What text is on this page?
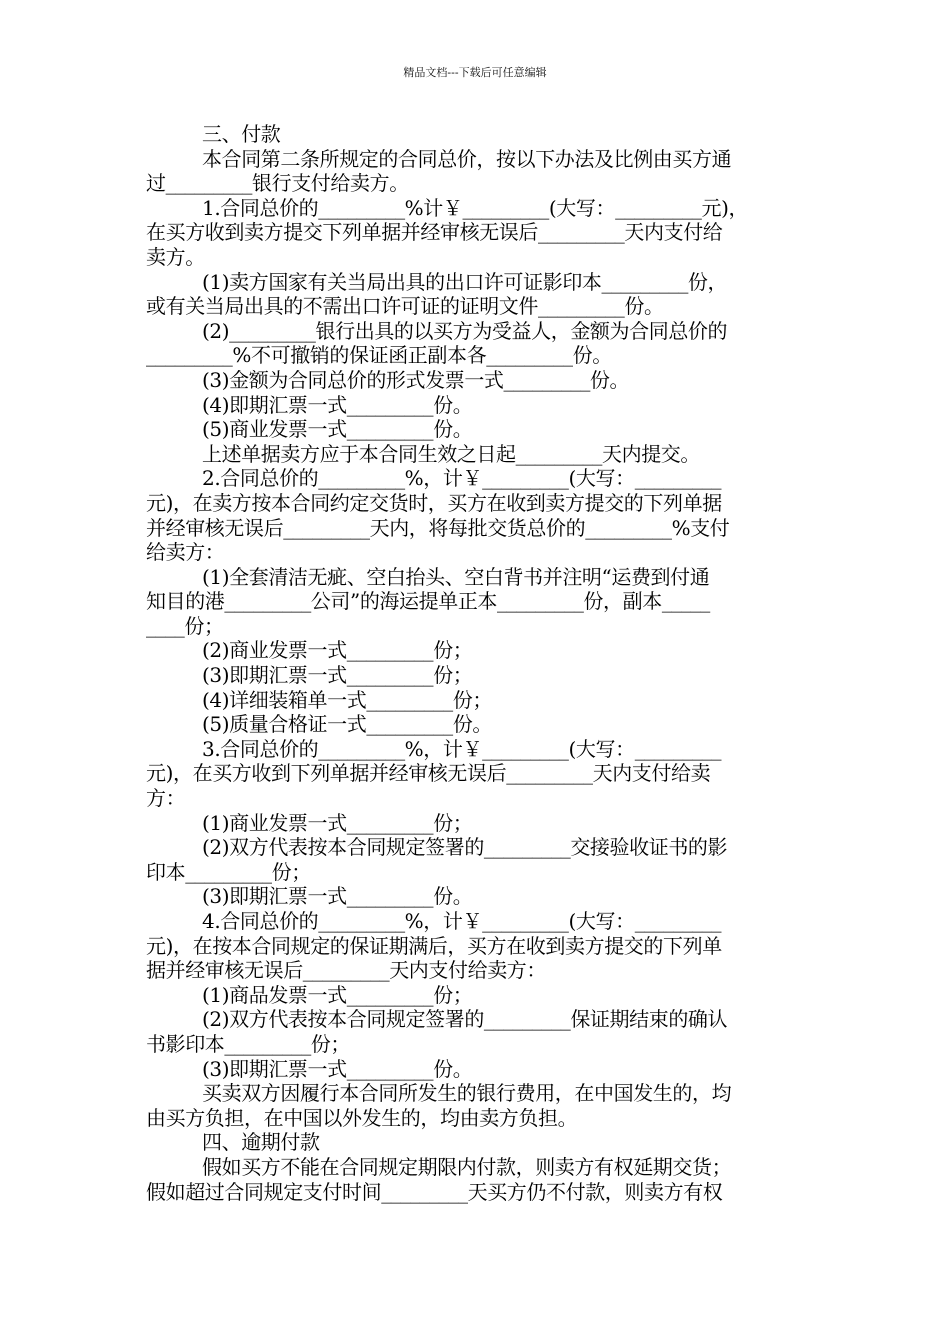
精品文档---下载后可任意编辑
三、付款
本合同第二条所规定的合同总价，按以下办法及比例由买方通
过_________银行支付给卖方。
1.合同总价的_________%计￥_________(大写：_________元)，
在买方收到卖方提交下列单据并经审核无误后_________天内支付给
卖方。
(1)卖方国家有关当局出具的出口许可证影印本_________份，
或有关当局出具的不需出口许可证的证明文件_________份。
(2)_________银行出具的以买方为受益人，金额为合同总价的
_________%不可撤销的保证函正副本各_________份。
(3)金额为合同总价的形式发票一式_________份。
(4)即期汇票一式_________份。
(5)商业发票一式_________份。
上述单据卖方应于本合同生效之日起_________天内提交。
2.合同总价的_________%，计￥_________(大写：_________
元)，在卖方按本合同约定交货时，买方在收到卖方提交的下列单据
并经审核无误后_________天内，将每批交货总价的_________%支付
给卖方：
(1)全套清洁无疵、空白抬头、空白背书并注明“运费到付通
知目的港_________公司”的海运提单正本_________份，副本_____
____份；
(2)商业发票一式_________份；
(3)即期汇票一式_________份；
(4)详细装箱单一式_________份；
(5)质量合格证一式_________份。
3.合同总价的_________%，计￥_________(大写：_________
元)，在买方收到下列单据并经审核无误后_________天内支付给卖
方：
(1)商业发票一式_________份；
(2)双方代表按本合同规定签署的_________交接验收证书的影
印本_________份；
(3)即期汇票一式_________份。
4.合同总价的_________%，计￥_________(大写：_________
元)，在按本合同规定的保证期满后，买方在收到卖方提交的下列单
据并经审核无误后_________天内支付给卖方：
(1)商品发票一式_________份；
(2)双方代表按本合同规定签署的_________保证期结束的确认
书影印本_________份；
(3)即期汇票一式_________份。
买卖双方因履行本合同所发生的银行费用，在中国发生的，均
由买方负担，在中国以外发生的，均由卖方负担。
四、逾期付款
假如买方不能在合同规定期限内付款，则卖方有权延期交货；
假如超过合同规定支付时间_________天买方仍不付款，则卖方有权
